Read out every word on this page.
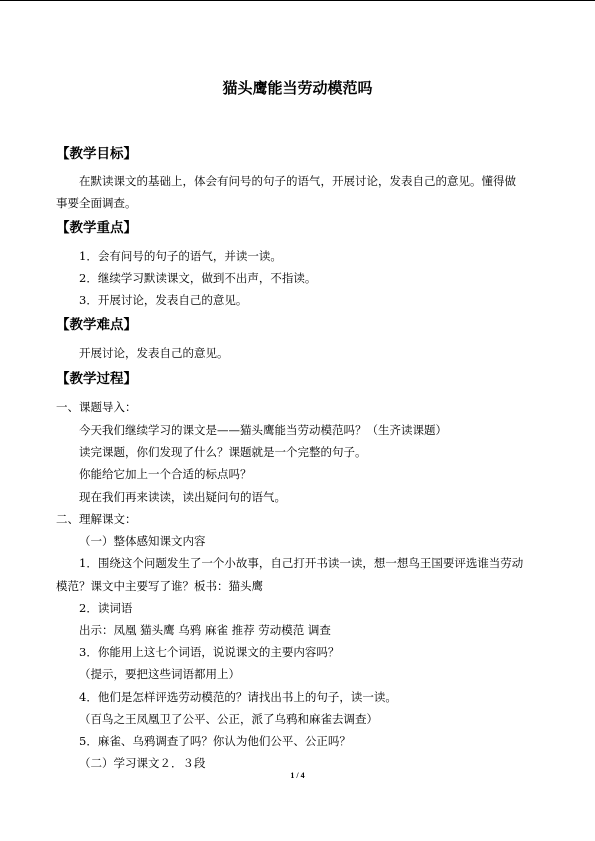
猫头鹰能当劳动模范吗
【教学目标】
在默读课文的基础上，体会有问号的句子的语气，开展讨论，发表自己的意见。懂得做
事要全面调查。
【教学重点】
1．会有问号的句子的语气，并读一读。
2．继续学习默读课文，做到不出声，不指读。
3．开展讨论，发表自己的意见。
【教学难点】
开展讨论，发表自己的意见。
【教学过程】
一、课题导入：
今天我们继续学习的课文是——猫头鹰能当劳动模范吗？（生齐读课题）
读完课题，你们发现了什么？课题就是一个完整的句子。
你能给它加上一个合适的标点吗？
现在我们再来读读，读出疑问句的语气。
二、理解课文：
（一）整体感知课文内容
1．围绕这个问题发生了一个小故事，自己打开书读一读，想一想鸟王国要评选谁当劳动
模范？课文中主要写了谁？板书：猫头鹰
2．读词语
出示：凤凰 猫头鹰 乌鸦 麻雀 推荐 劳动模范 调查
3．你能用上这七个词语，说说课文的主要内容吗？
（提示，要把这些词语都用上）
4．他们是怎样评选劳动模范的？请找出书上的句子，读一读。
（百鸟之王凤凰卫了公平、公正，派了乌鸦和麻雀去调查）
5．麻雀、乌鸦调查了吗？你认为他们公平、公正吗？
（二）学习课文２．３段
1 / 4
